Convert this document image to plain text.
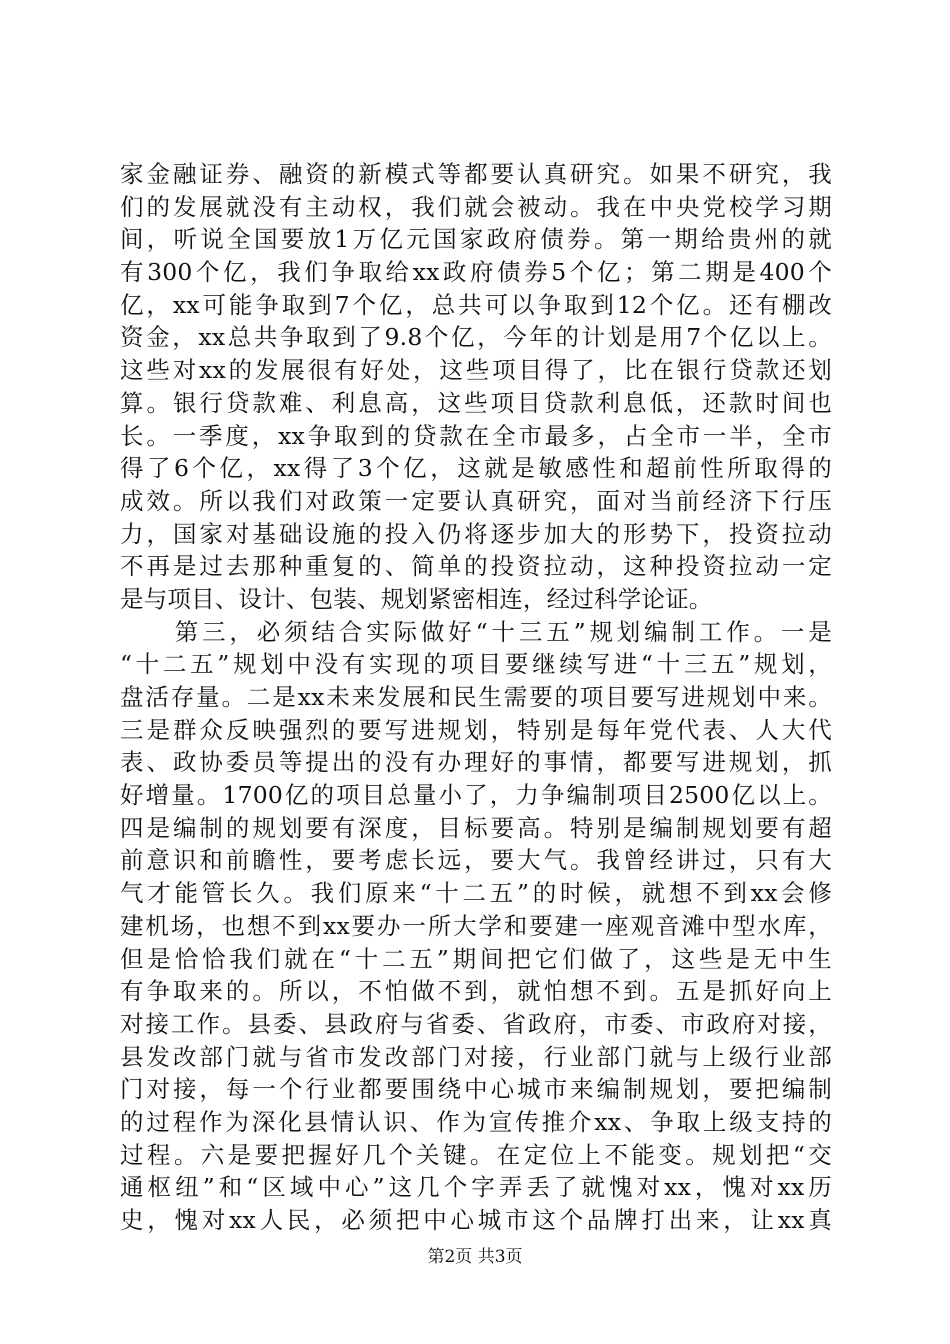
家金融证券、融资的新模式等都要认真研究。如果不研究，我
们的发展就没有主动权，我们就会被动。我在中央党校学习期
间，听说全国要放1万亿元国家政府债券。第一期给贵州的就
有300个亿，我们争取给xx政府债券5个亿；第二期是400个
亿，xx可能争取到7个亿，总共可以争取到12个亿。还有棚改
资金，xx总共争取到了9.8个亿，今年的计划是用7个亿以上。
这些对xx的发展很有好处，这些项目得了，比在银行贷款还划
算。银行贷款难、利息高，这些项目贷款利息低，还款时间也
长。一季度，xx争取到的贷款在全市最多，占全市一半，全市
得了6个亿，xx得了3个亿，这就是敏感性和超前性所取得的
成效。所以我们对政策一定要认真研究，面对当前经济下行压
力，国家对基础设施的投入仍将逐步加大的形势下，投资拉动
不再是过去那种重复的、简单的投资拉动，这种投资拉动一定
是与项目、设计、包装、规划紧密相连，经过科学论证。
　　第三，必须结合实际做好“十三五”规划编制工作。一是
“十二五”规划中没有实现的项目要继续写进“十三五”规划，
盘活存量。二是xx未来发展和民生需要的项目要写进规划中来。
三是群众反映强烈的要写进规划，特别是每年党代表、人大代
表、政协委员等提出的没有办理好的事情，都要写进规划，抓
好增量。1700亿的项目总量小了，力争编制项目2500亿以上。
四是编制的规划要有深度，目标要高。特别是编制规划要有超
前意识和前瞻性，要考虑长远，要大气。我曾经讲过，只有大
气才能管长久。我们原来“十二五”的时候，就想不到xx会修
建机场，也想不到xx要办一所大学和要建一座观音滩中型水库，
但是恰恰我们就在“十二五”期间把它们做了，这些是无中生
有争取来的。所以，不怕做不到，就怕想不到。五是抓好向上
对接工作。县委、县政府与省委、省政府，市委、市政府对接，
县发改部门就与省市发改部门对接，行业部门就与上级行业部
门对接，每一个行业都要围绕中心城市来编制规划，要把编制
的过程作为深化县情认识、作为宣传推介xx、争取上级支持的
过程。六是要把握好几个关键。在定位上不能变。规划把“交
通枢纽”和“区域中心”这几个字弄丢了就愧对xx，愧对xx历
史，愧对xx人民，必须把中心城市这个品牌打出来，让xx真
第2页 共3页
